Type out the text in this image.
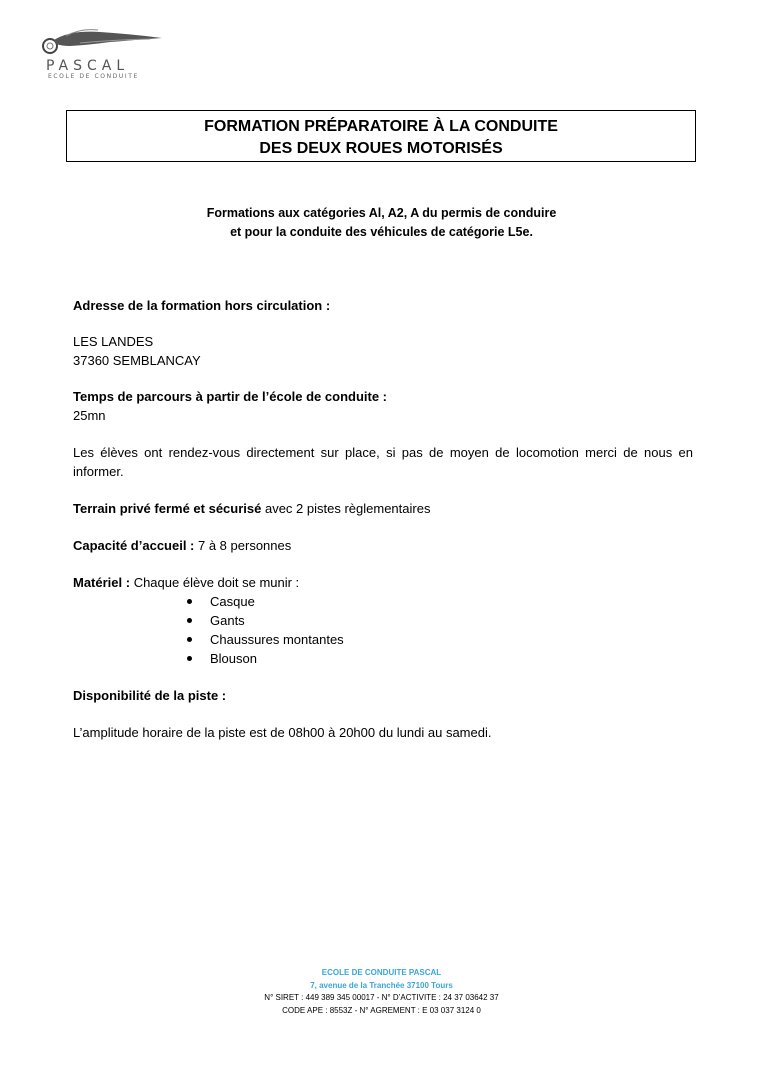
PASCAL
ECOLE DE CONDUITE
FORMATION PRÉPARATOIRE À LA CONDUITE
DES DEUX ROUES MOTORISÉS
Formations aux catégories Al, A2, A du permis de conduire
et pour la conduite des véhicules de catégorie L5e.

Adresse de la formation hors circulation :

LES LANDES

37360 SEMBLANCAY

Temps de parcours à partir de l’école de conduite :

25mn

Les élèves ont rendez-vous directement sur place, si pas de moyen de locomotion merci de nous en informer.

Terrain privé fermé et sécurisé avec 2 pistes règlementaires

Capacité d’accueil : 7 à 8 personnes

Matériel : Chaque élève doit se munir :

Casque
Gants
Chaussures montantes
Blouson

Disponibilité de la piste :

L’amplitude horaire de la piste est de 08h00 à 20h00 du lundi au samedi.

ECOLE DE CONDUITE PASCAL
7, avenue de la Tranchée 37100 Tours
N° SIRET : 449 389 345 00017 - N° D’ACTIVITE : 24 37 03642 37
CODE APE : 8553Z - N° AGREMENT : E 03 037 3124 0
